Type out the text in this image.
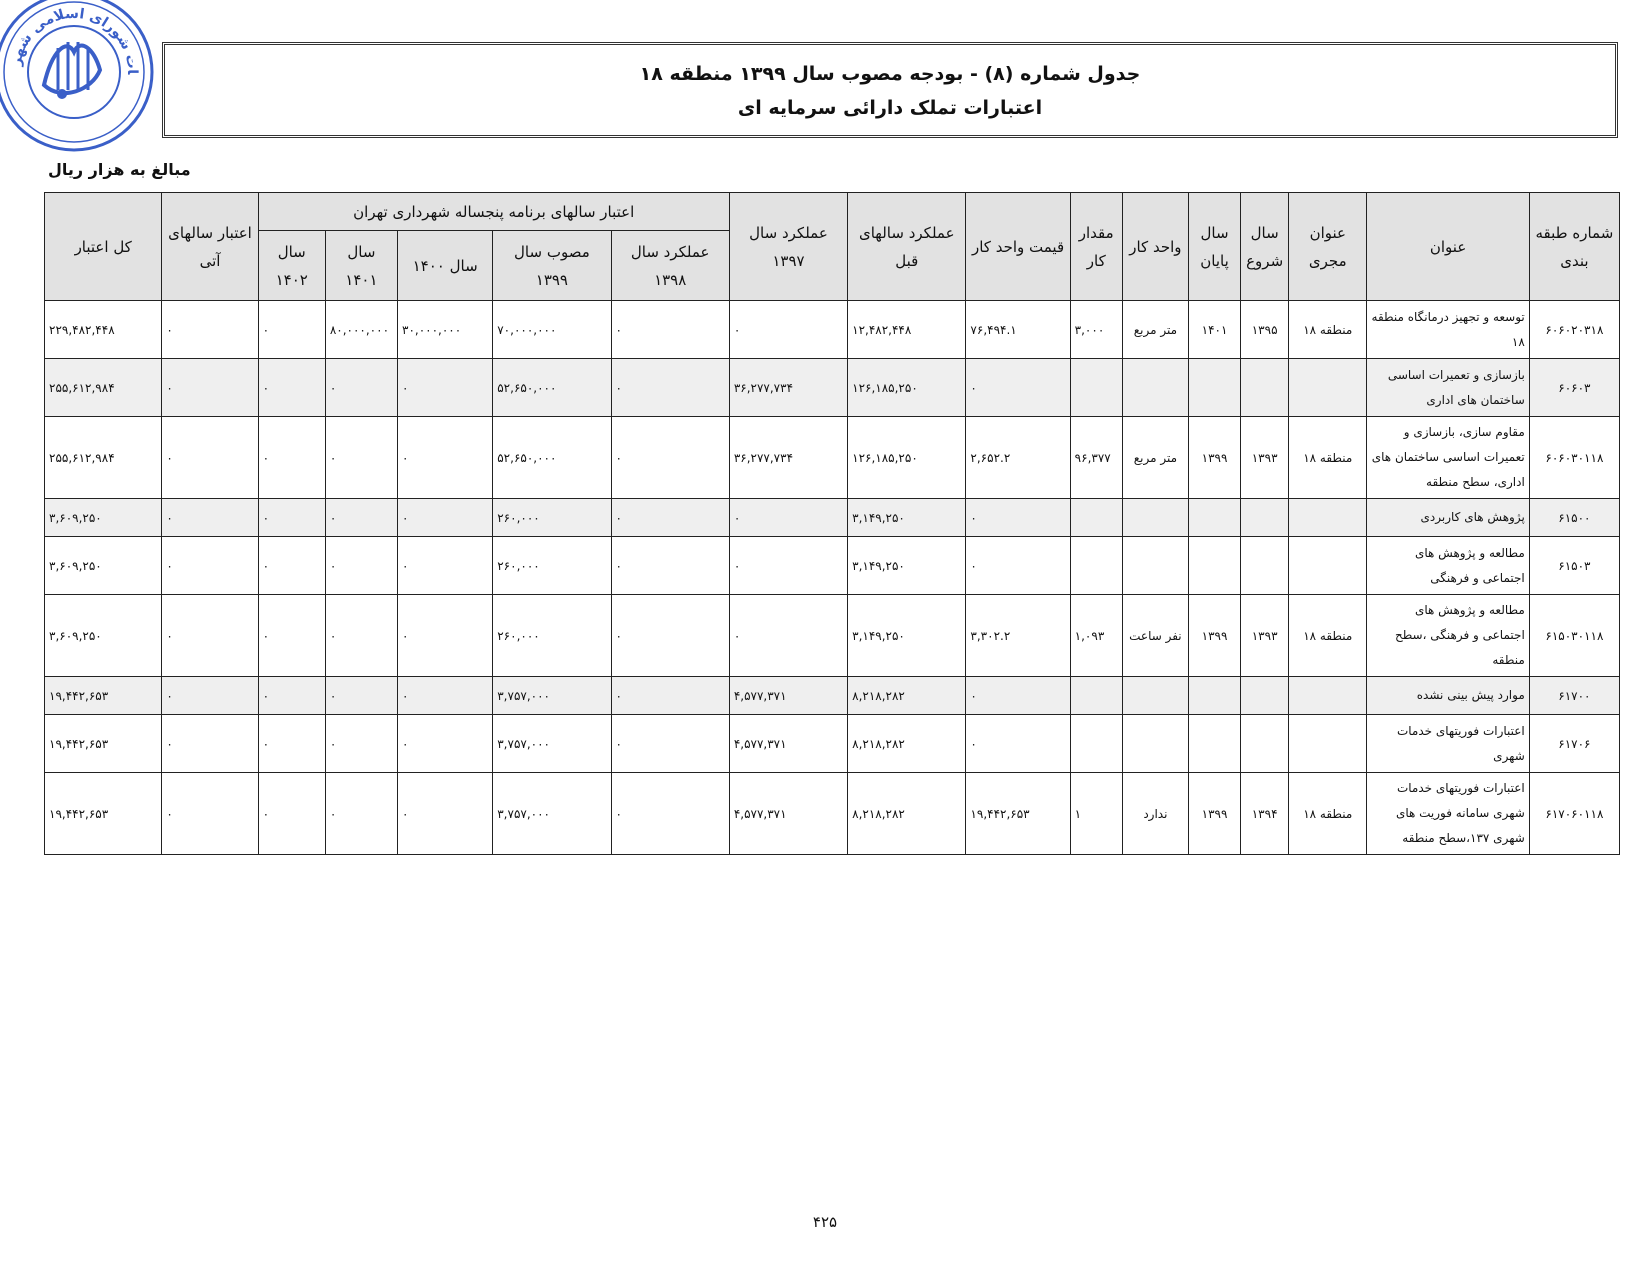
ات شورای اسلامی شهر
جدول شماره (۸) - بودجه مصوب سال ۱۳۹۹ منطقه ۱۸
اعتبارات تملک دارائی سرمایه ای
مبالغ به هزار ریال
شماره طبقه بندی	عنوان	عنوان مجری	سال شروع	سال پایان	واحد کار	مقدار کار	قیمت واحد کار	عملکرد سالهای قبل	عملکرد سال ۱۳۹۷	اعتبار سالهای برنامه پنجساله شهرداری تهران					اعتبار سالهای آتی	کل اعتبار
										عملکرد سال ۱۳۹۸	مصوب سال ۱۳۹۹	سال ۱۴۰۰	سال ۱۴۰۱	سال ۱۴۰۲		
۶۰۶۰۲۰۳۱۸	توسعه و تجهیز درمانگاه منطقه ۱۸	منطقه ۱۸	۱۳۹۵	۱۴۰۱	متر مربع	۳,۰۰۰	۷۶,۴۹۴.۱	۱۲,۴۸۲,۴۴۸	۰	۰	۷۰,۰۰۰,۰۰۰	۳۰,۰۰۰,۰۰۰	۸۰,۰۰۰,۰۰۰	۰	۰	۲۲۹,۴۸۲,۴۴۸
۶۰۶۰۳	بازسازی و تعمیرات اساسی ساختمان های اداری						۰	۱۲۶,۱۸۵,۲۵۰	۳۶,۲۷۷,۷۳۴	۰	۵۲,۶۵۰,۰۰۰	۰	۰	۰	۰	۲۵۵,۶۱۲,۹۸۴
۶۰۶۰۳۰۱۱۸	مقاوم سازی، بازسازی و تعمیرات اساسی ساختمان های اداری، سطح منطقه	منطقه ۱۸	۱۳۹۳	۱۳۹۹	متر مربع	۹۶,۳۷۷	۲,۶۵۲.۲	۱۲۶,۱۸۵,۲۵۰	۳۶,۲۷۷,۷۳۴	۰	۵۲,۶۵۰,۰۰۰	۰	۰	۰	۰	۲۵۵,۶۱۲,۹۸۴
۶۱۵۰۰	پژوهش های کاربردی						۰	۳,۱۴۹,۲۵۰	۰	۰	۲۶۰,۰۰۰	۰	۰	۰	۰	۳,۶۰۹,۲۵۰
۶۱۵۰۳	مطالعه و پژوهش های اجتماعی و فرهنگی						۰	۳,۱۴۹,۲۵۰	۰	۰	۲۶۰,۰۰۰	۰	۰	۰	۰	۳,۶۰۹,۲۵۰
۶۱۵۰۳۰۱۱۸	مطالعه و پژوهش های اجتماعی و فرهنگی ،سطح منطقه	منطقه ۱۸	۱۳۹۳	۱۳۹۹	نفر ساعت	۱,۰۹۳	۳,۳۰۲.۲	۳,۱۴۹,۲۵۰	۰	۰	۲۶۰,۰۰۰	۰	۰	۰	۰	۳,۶۰۹,۲۵۰
۶۱۷۰۰	موارد پیش بینی نشده						۰	۸,۲۱۸,۲۸۲	۴,۵۷۷,۳۷۱	۰	۳,۷۵۷,۰۰۰	۰	۰	۰	۰	۱۹,۴۴۲,۶۵۳
۶۱۷۰۶	اعتبارات فوریتهای خدمات شهری						۰	۸,۲۱۸,۲۸۲	۴,۵۷۷,۳۷۱	۰	۳,۷۵۷,۰۰۰	۰	۰	۰	۰	۱۹,۴۴۲,۶۵۳
۶۱۷۰۶۰۱۱۸	اعتبارات فوریتهای خدمات شهری سامانه فوریت های شهری ۱۳۷،سطح منطقه	منطقه ۱۸	۱۳۹۴	۱۳۹۹	ندارد	۱	۱۹,۴۴۲,۶۵۳	۸,۲۱۸,۲۸۲	۴,۵۷۷,۳۷۱	۰	۳,۷۵۷,۰۰۰	۰	۰	۰	۰	۱۹,۴۴۲,۶۵۳
۴۲۵
